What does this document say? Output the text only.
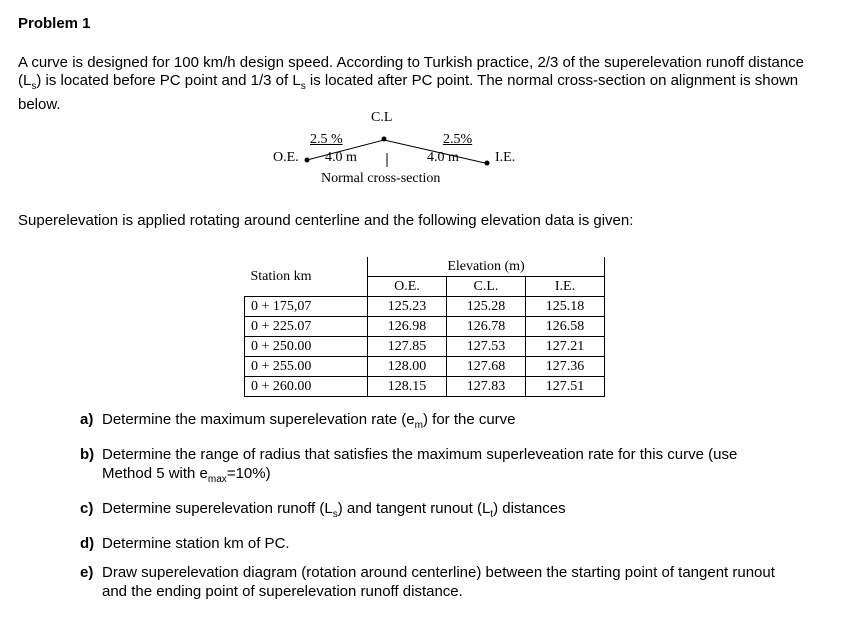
Problem 1

A curve is designed for 100 km/h design speed. According to Turkish practice, 2/3 of the superelevation runoff distance $(L_s)$ is located before PC point and 1/3 of $L_s$ is located after PC point. The normal cross-section on alignment is shown below.

C.L
2.5 %	2.5%
O.E. 4.0 m	4.0 m	I.E.
Normal cross-section
Superelevation is applied rotating around centerline and the following elevation data is given:
Station km	Elevation (m)		
	O.E.	C.L.	I.E.
0 + 175,07	125.23	125.28	125.18
0 + 225.07	126.98	126.78	126.58
0 + 250.00	127.85	127.53	127.21
0 + 255.00	128.00	127.68	127.36
0 + 260.00	128.15	127.83	127.51
a) Determine the maximum superelevation rate $(e_m)$ for the curve
b) Determine the range of radius that satisfies the maximum superleveation rate for this curve (use Method 5 with $e_{max}=10\%$)
c) Determine superelevation runoff $(L_s)$ and tangent runout $(L_t)$ distances
d) Determine station km of PC.
e) Draw superelevation diagram (rotation around centerline) between the starting point of tangent runout and the ending point of superelevation runoff distance.
